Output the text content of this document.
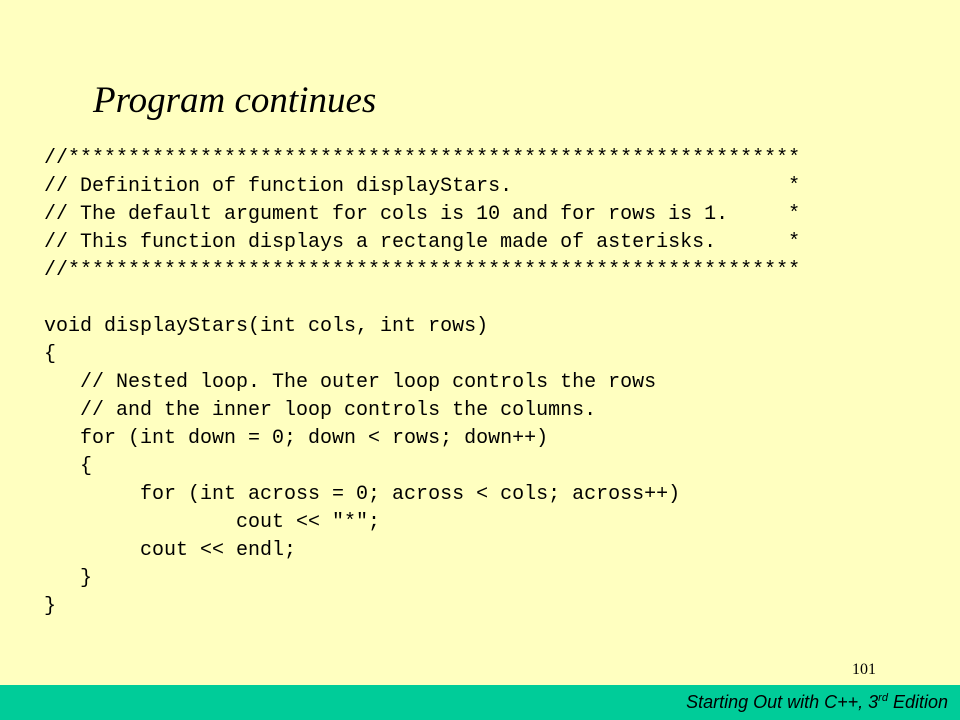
Program continues
//*************************************************************
// Definition of function displayStars.                       *
// The default argument for cols is 10 and for rows is 1.     *
// This function displays a rectangle made of asterisks.      *
//*************************************************************
void displayStars(int cols, int rows)
{
// Nested loop. The outer loop controls the rows
// and the inner loop controls the columns.
for (int down = 0; down < rows; down++)
{
for (int across = 0; across < cols; across++)
cout << "*";
cout << endl;
}
}
101
Starting Out with C++, 3rd Edition
